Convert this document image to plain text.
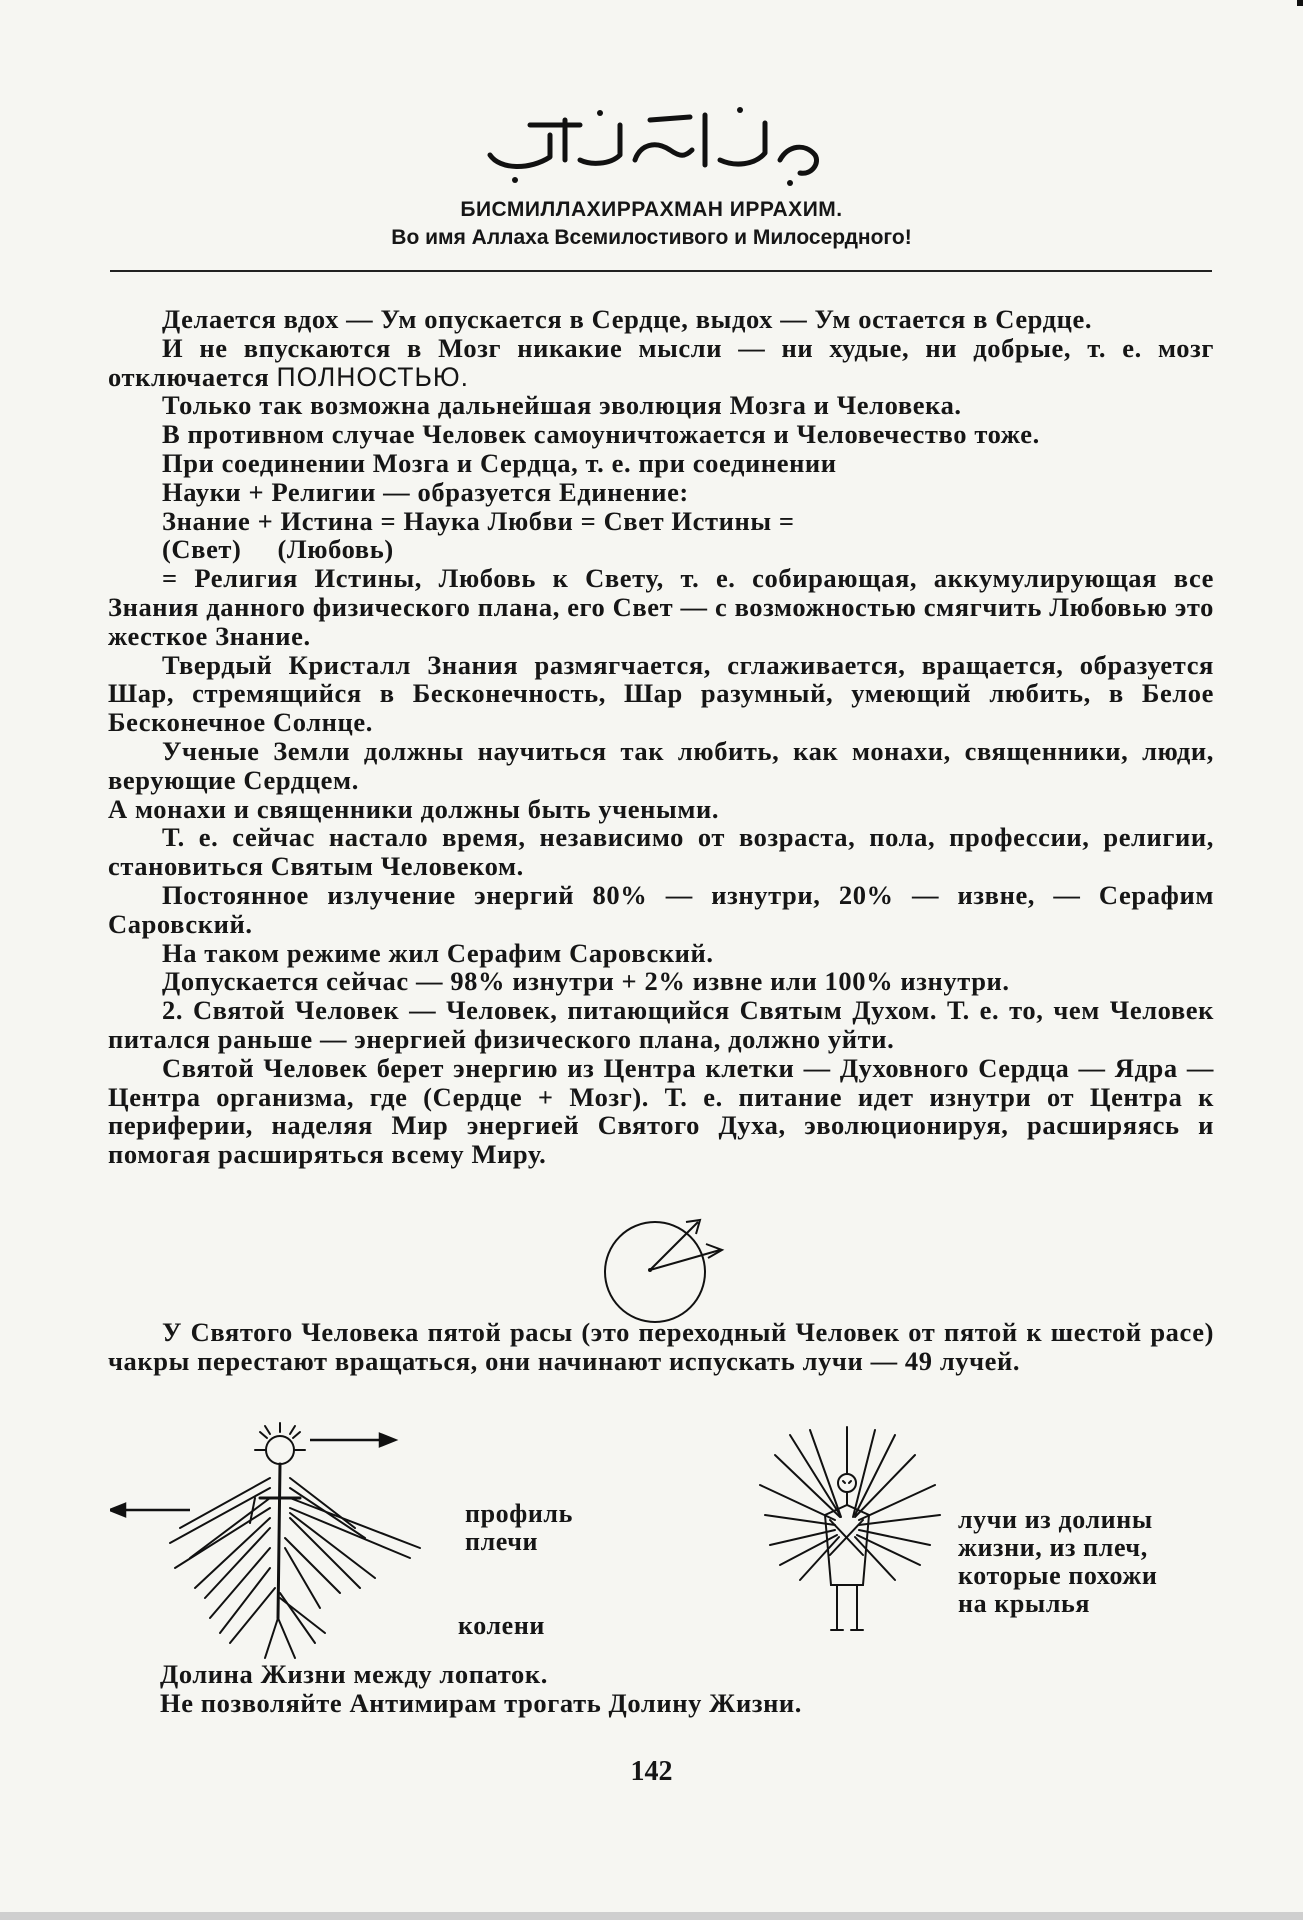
بِسْمِ ٱللَّهِ ٱلرَّحْمَٰنِ ٱلرَّحِيمِ
БИСМИЛЛАХИРРАХМАН ИРРАХИМ.
Во имя Аллаха Всемилостивого и Милосердного!

Делается вдох — Ум опускается в Сердце, выдох — Ум остается в Сердце.

И не впускаются в Мозг никакие мысли — ни худые, ни добрые, т. е. мозг отключается ПОЛНОСТЬЮ.

Только так возможна дальнейшая эволюция Мозга и Человека.

В противном случае Человек самоуничтожается и Человечество тоже.

При соединении Мозга и Сердца, т. е. при соединении

Науки + Религии — образуется Единение:

Знание + Истина = Наука Любви = Свет Истины =

(Свет) (Любовь)

= Религия Истины, Любовь к Свету, т. е. собирающая, аккумулирующая все Знания данного физического плана, его Свет — с возможностью смягчить Любовью это жесткое Знание.

Твердый Кристалл Знания размягчается, сглаживается, вращается, образуется Шар, стремящийся в Бесконечность, Шар разумный, умеющий любить, в Белое Бесконечное Солнце.

Ученые Земли должны научиться так любить, как монахи, священники, люди, верующие Сердцем.

А монахи и священники должны быть учеными.

Т. е. сейчас настало время, независимо от возраста, пола, профессии, религии, становиться Святым Человеком.

Постоянное излучение энергий 80% — изнутри, 20% — извне, — Серафим Саровский.

На таком режиме жил Серафим Саровский.

Допускается сейчас — 98% изнутри + 2% извне или 100% изнутри.

2. Святой Человек — Человек, питающийся Святым Духом. Т. е. то, чем Человек питался раньше — энергией физического плана, должно уйти.

Святой Человек берет энергию из Центра клетки — Духовного Сердца — Ядра — Центра организма, где (Сердце + Мозг). Т. е. питание идет изнутри от Центра к периферии, наделяя Мир энергией Святого Духа, эволюционируя, расширяясь и помогая расширяться всему Миру.

У Святого Человека пятой расы (это переходный Человек от пятой к шестой расе) чакры перестают вращаться, они начинают испускать лучи — 49 лучей.

профиль
плечи
колени
лучи из долины
жизни, из плеч,
которые похожи
на крылья
Долина Жизни между лопаток.
Не позволяйте Антимирам трогать Долину Жизни.
142
